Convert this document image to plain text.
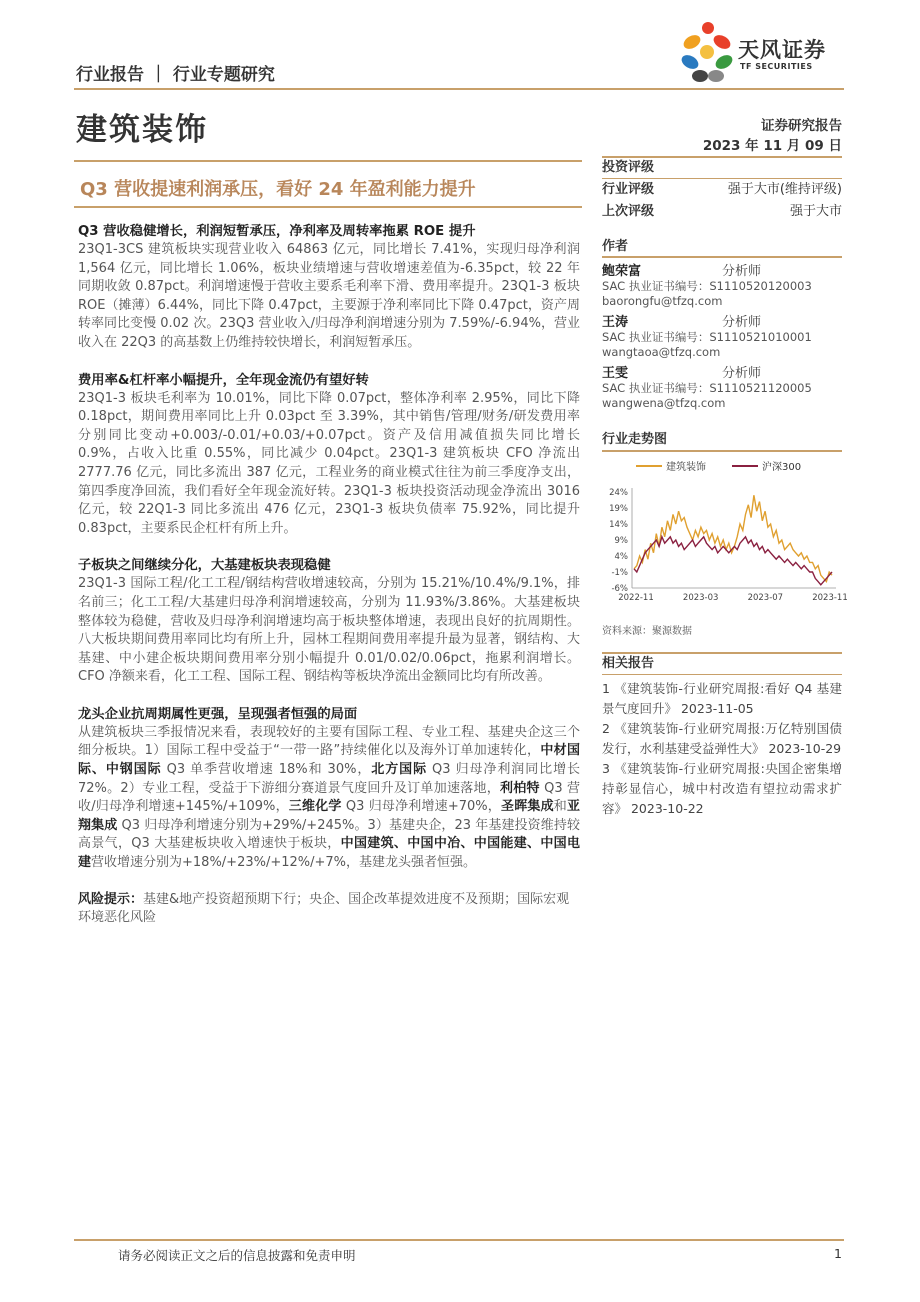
行业报告 ｜ 行业专题研究
天风证券
TF SECURITIES
建筑装饰	证券研究报告
2023 年 11 月 09 日
Q3 营收提速利润承压，看好 24 年盈利能力提升
Q3 营收稳健增长，利润短暂承压，净利率及周转率拖累 ROE 提升

23Q1-3CS 建筑板块实现营业收入 64863 亿元，同比增长 7.41%，实现归母净利润 1,564 亿元，同比增长 1.06%，板块业绩增速与营收增速差值为-6.35pct，较 22 年同期收敛 0.87pct。利润增速慢于营收主要系毛利率下滑、费用率提升。23Q1-3 板块 ROE（摊薄）6.44%，同比下降 0.47pct，主要源于净利率同比下降 0.47pct，资产周转率同比变慢 0.02 次。23Q3 营业收入/归母净利润增速分别为 7.59%/-6.94%，营业收入在 22Q3 的高基数上仍维持较快增长，利润短暂承压。

费用率&杠杆率小幅提升，全年现金流仍有望好转

23Q1-3 板块毛利率为 10.01%，同比下降 0.07pct，整体净利率 2.95%，同比下降 0.18pct，期间费用率同比上升 0.03pct 至 3.39%，其中销售/管理/财务/研发费用率分别同比变动+0.003/-0.01/+0.03/+0.07pct。资产及信用减值损失同比增长 0.9%，占收入比重 0.55%，同比减少 0.04pct。23Q1-3 建筑板块 CFO 净流出 2777.76 亿元，同比多流出 387 亿元，工程业务的商业模式往往为前三季度净支出，第四季度净回流，我们看好全年现金流好转。23Q1-3 板块投资活动现金净流出 3016 亿元，较 22Q1-3 同比多流出 476 亿元，23Q1-3 板块负债率 75.92%，同比提升 0.83pct，主要系民企杠杆有所上升。

子板块之间继续分化，大基建板块表现稳健

23Q1-3 国际工程/化工工程/钢结构营收增速较高，分别为 15.21%/10.4%/9.1%，排名前三；化工工程/大基建归母净利润增速较高，分别为 11.93%/3.86%。大基建板块整体较为稳健，营收及归母净利润增速均高于板块整体增速，表现出良好的抗周期性。八大板块期间费用率同比均有所上升，园林工程期间费用率提升最为显著，钢结构、大基建、中小建企板块期间费用率分别小幅提升 0.01/0.02/0.06pct，拖累利润增长。CFO 净额来看，化工工程、国际工程、钢结构等板块净流出金额同比均有所改善。

龙头企业抗周期属性更强，呈现强者恒强的局面

从建筑板块三季报情况来看，表现较好的主要有国际工程、专业工程、基建央企这三个细分板块。1）国际工程中受益于“一带一路”持续催化以及海外订单加速转化，中材国际、中钢国际 Q3 单季营收增速 18%和 30%，北方国际 Q3 归母净利润同比增长 72%。2）专业工程，受益于下游细分赛道景气度回升及订单加速落地，利柏特 Q3 营收/归母净利增速+145%/+109%，三维化学 Q3 归母净利增速+70%，圣晖集成和亚翔集成 Q3 归母净利增速分别为+29%/+245%。3）基建央企，23 年基建投资维持较高景气，Q3 大基建板块收入增速快于板块，中国建筑、中国中冶、中国能建、中国电建营收增速分别为+18%/+23%/+12%/+7%，基建龙头强者恒强。

风险提示：基建&地产投资超预期下行；央企、国企改革提效进度不及预期；国际宏观环境恶化风险

投资评级
行业评级	强于大市(维持评级)
上次评级	强于大市
作者
鲍荣富	分析师
SAC 执业证书编号：S1110520120003
baorongfu@tfzq.com
王涛	分析师
SAC 执业证书编号：S1110521010001
wangtaoa@tfzq.com
王雯	分析师
SAC 执业证书编号：S1110521120005
wangwena@tfzq.com
行业走势图
建筑装饰	沪深300
24%
19%
14%
9%
4%
-1%
-6%
2022-11	2023-03	2023-07	2023-11
资料来源：聚源数据
相关报告
1 《建筑装饰-行业研究周报:看好 Q4 基建景气度回升》 2023-11-05
2 《建筑装饰-行业研究周报:万亿特别国债发行，水利基建受益弹性大》 2023-10-29
3 《建筑装饰-行业研究周报:央国企密集增持彰显信心，城中村改造有望拉动需求扩容》 2023-10-22
请务必阅读正文之后的信息披露和免责申明	1
